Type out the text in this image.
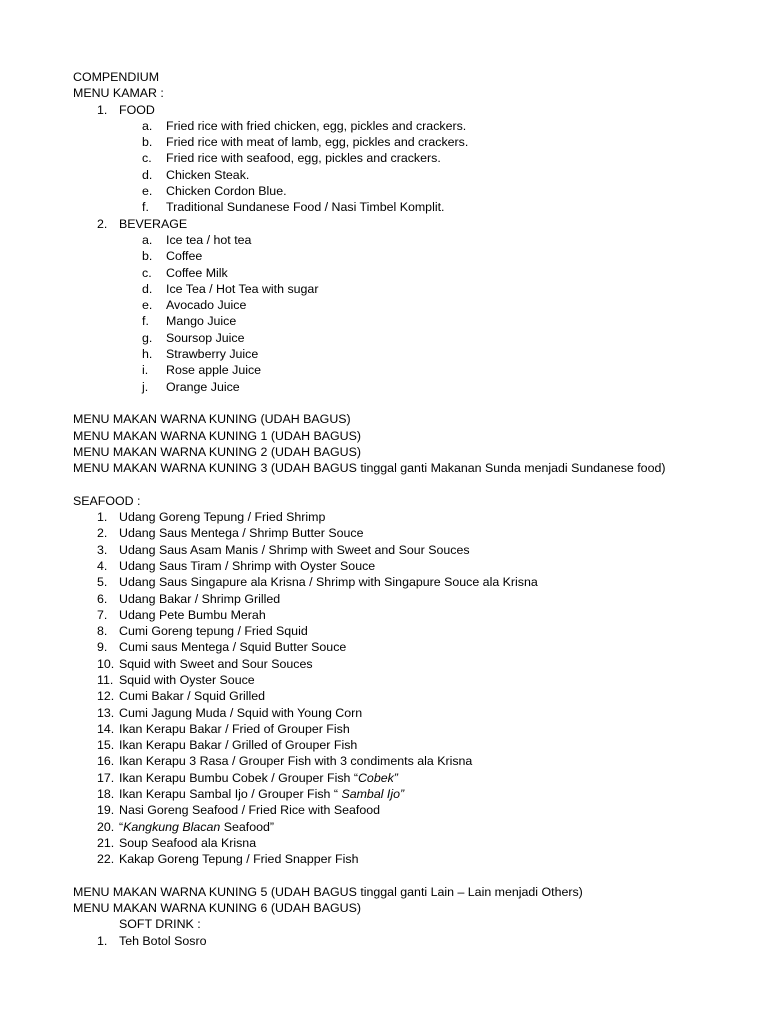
COMPENDIUM
MENU KAMAR :
1. FOOD
a. Fried rice with fried chicken, egg, pickles and crackers.
b. Fried rice with meat of lamb, egg, pickles and crackers.
c. Fried rice with seafood, egg, pickles and crackers.
d. Chicken Steak.
e. Chicken Cordon Blue.
f. Traditional Sundanese Food / Nasi Timbel Komplit.
2. BEVERAGE
a. Ice tea / hot tea
b. Coffee
c. Coffee Milk
d. Ice Tea / Hot Tea with sugar
e. Avocado Juice
f. Mango Juice
g. Soursop Juice
h. Strawberry Juice
i. Rose apple Juice
j. Orange Juice
MENU MAKAN WARNA KUNING (UDAH BAGUS)
MENU MAKAN WARNA KUNING 1 (UDAH BAGUS)
MENU MAKAN WARNA KUNING 2 (UDAH BAGUS)
MENU MAKAN WARNA KUNING 3 (UDAH BAGUS tinggal ganti Makanan Sunda menjadi Sundanese food)
SEAFOOD :
1. Udang Goreng Tepung / Fried Shrimp
2. Udang Saus Mentega / Shrimp Butter Souce
3. Udang Saus Asam Manis / Shrimp with Sweet and Sour Souces
4. Udang Saus Tiram / Shrimp with Oyster Souce
5. Udang Saus Singapure ala Krisna / Shrimp with Singapure Souce ala Krisna
6. Udang Bakar / Shrimp Grilled
7. Udang Pete Bumbu Merah
8. Cumi Goreng tepung / Fried Squid
9. Cumi saus Mentega / Squid Butter Souce
10. Squid with Sweet and Sour Souces
11. Squid with Oyster Souce
12. Cumi Bakar / Squid Grilled
13. Cumi Jagung Muda / Squid with Young Corn
14. Ikan Kerapu Bakar / Fried of Grouper Fish
15. Ikan Kerapu Bakar / Grilled of Grouper Fish
16. Ikan Kerapu 3 Rasa / Grouper Fish with 3 condiments ala Krisna
17. Ikan Kerapu Bumbu Cobek / Grouper Fish “Cobek”
18. Ikan Kerapu Sambal Ijo / Grouper Fish “ Sambal Ijo”
19. Nasi Goreng Seafood / Fried Rice with Seafood
20. “Kangkung Blacan Seafood”
21. Soup Seafood ala Krisna
22. Kakap Goreng Tepung / Fried Snapper Fish
MENU MAKAN WARNA KUNING 5 (UDAH BAGUS tinggal ganti Lain – Lain menjadi Others)
MENU MAKAN WARNA KUNING 6 (UDAH BAGUS)
SOFT DRINK :
1. Teh Botol Sosro
